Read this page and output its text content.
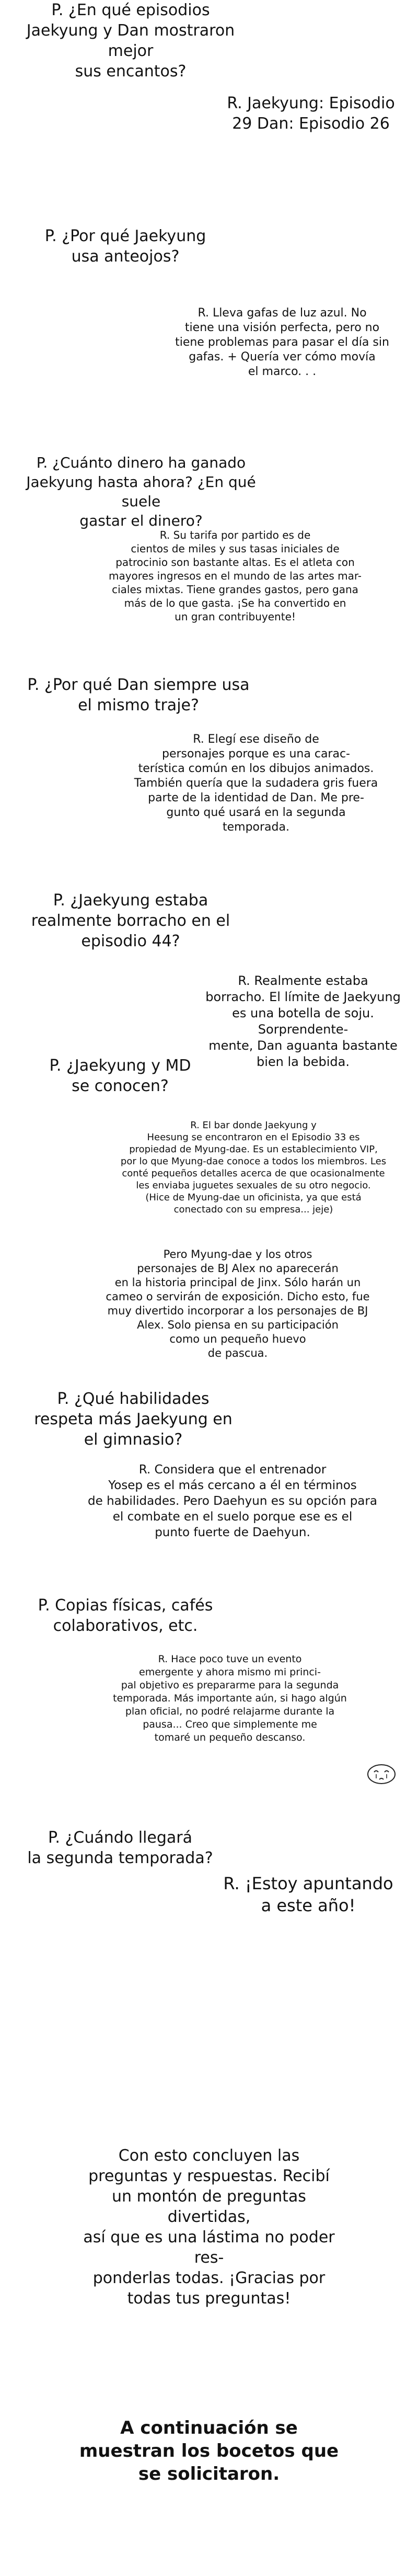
P. ¿En qué episodios
Jaekyung y Dan mostraron mejor
sus encantos?
R. Jaekyung: Episodio
29 Dan: Episodio 26
P. ¿Por qué Jaekyung
usa anteojos?
R. Lleva gafas de luz azul. No
tiene una visión perfecta, pero no
tiene problemas para pasar el día sin
gafas. + Quería ver cómo movía
el marco. . .
P. ¿Cuánto dinero ha ganado
Jaekyung hasta ahora? ¿En qué suele
gastar el dinero?
R. Su tarifa por partido es de
cientos de miles y sus tasas iniciales de
patrocinio son bastante altas. Es el atleta con
mayores ingresos en el mundo de las artes mar-
ciales mixtas. Tiene grandes gastos, pero gana
más de lo que gasta. ¡Se ha convertido en
un gran contribuyente!
P. ¿Por qué Dan siempre usa
el mismo traje?
R. Elegí ese diseño de
personajes porque es una carac-
terística común en los dibujos animados.
También quería que la sudadera gris fuera
parte de la identidad de Dan. Me pre-
gunto qué usará en la segunda
temporada.
P. ¿Jaekyung estaba
realmente borracho en el
episodio 44?
R. Realmente estaba
borracho. El límite de Jaekyung
es una botella de soju. Sorprendente-
mente, Dan aguanta bastante
bien la bebida.
P. ¿Jaekyung y MD
se conocen?
R. El bar donde Jaekyung y
Heesung se encontraron en el Episodio 33 es
propiedad de Myung-dae. Es un establecimiento VIP,
por lo que Myung-dae conoce a todos los miembros. Les
conté pequeños detalles acerca de que ocasionalmente
les enviaba juguetes sexuales de su otro negocio.
(Hice de Myung-dae un oficinista, ya que está
conectado con su empresa... jeje)
Pero Myung-dae y los otros
personajes de BJ Alex no aparecerán
en la historia principal de Jinx. Sólo harán un
cameo o servirán de exposición. Dicho esto, fue
muy divertido incorporar a los personajes de BJ
Alex. Solo piensa en su participación
como un pequeño huevo
de pascua.
P. ¿Qué habilidades
respeta más Jaekyung en
el gimnasio?
R. Considera que el entrenador
Yosep es el más cercano a él en términos
de habilidades. Pero Daehyun es su opción para
el combate en el suelo porque ese es el
punto fuerte de Daehyun.
P. Copias físicas, cafés
colaborativos, etc.
R. Hace poco tuve un evento
emergente y ahora mismo mi princi-
pal objetivo es prepararme para la segunda
temporada. Más importante aún, si hago algún
plan oficial, no podré relajarme durante la
pausa... Creo que simplemente me
tomaré un pequeño descanso.
P. ¿Cuándo llegará
la segunda temporada?
R. ¡Estoy apuntando
a este año!
Con esto concluyen las
preguntas y respuestas. Recibí
un montón de preguntas divertidas,
así que es una lástima no poder res-
ponderlas todas. ¡Gracias por
todas tus preguntas!
A continuación se
muestran los bocetos que
se solicitaron.
